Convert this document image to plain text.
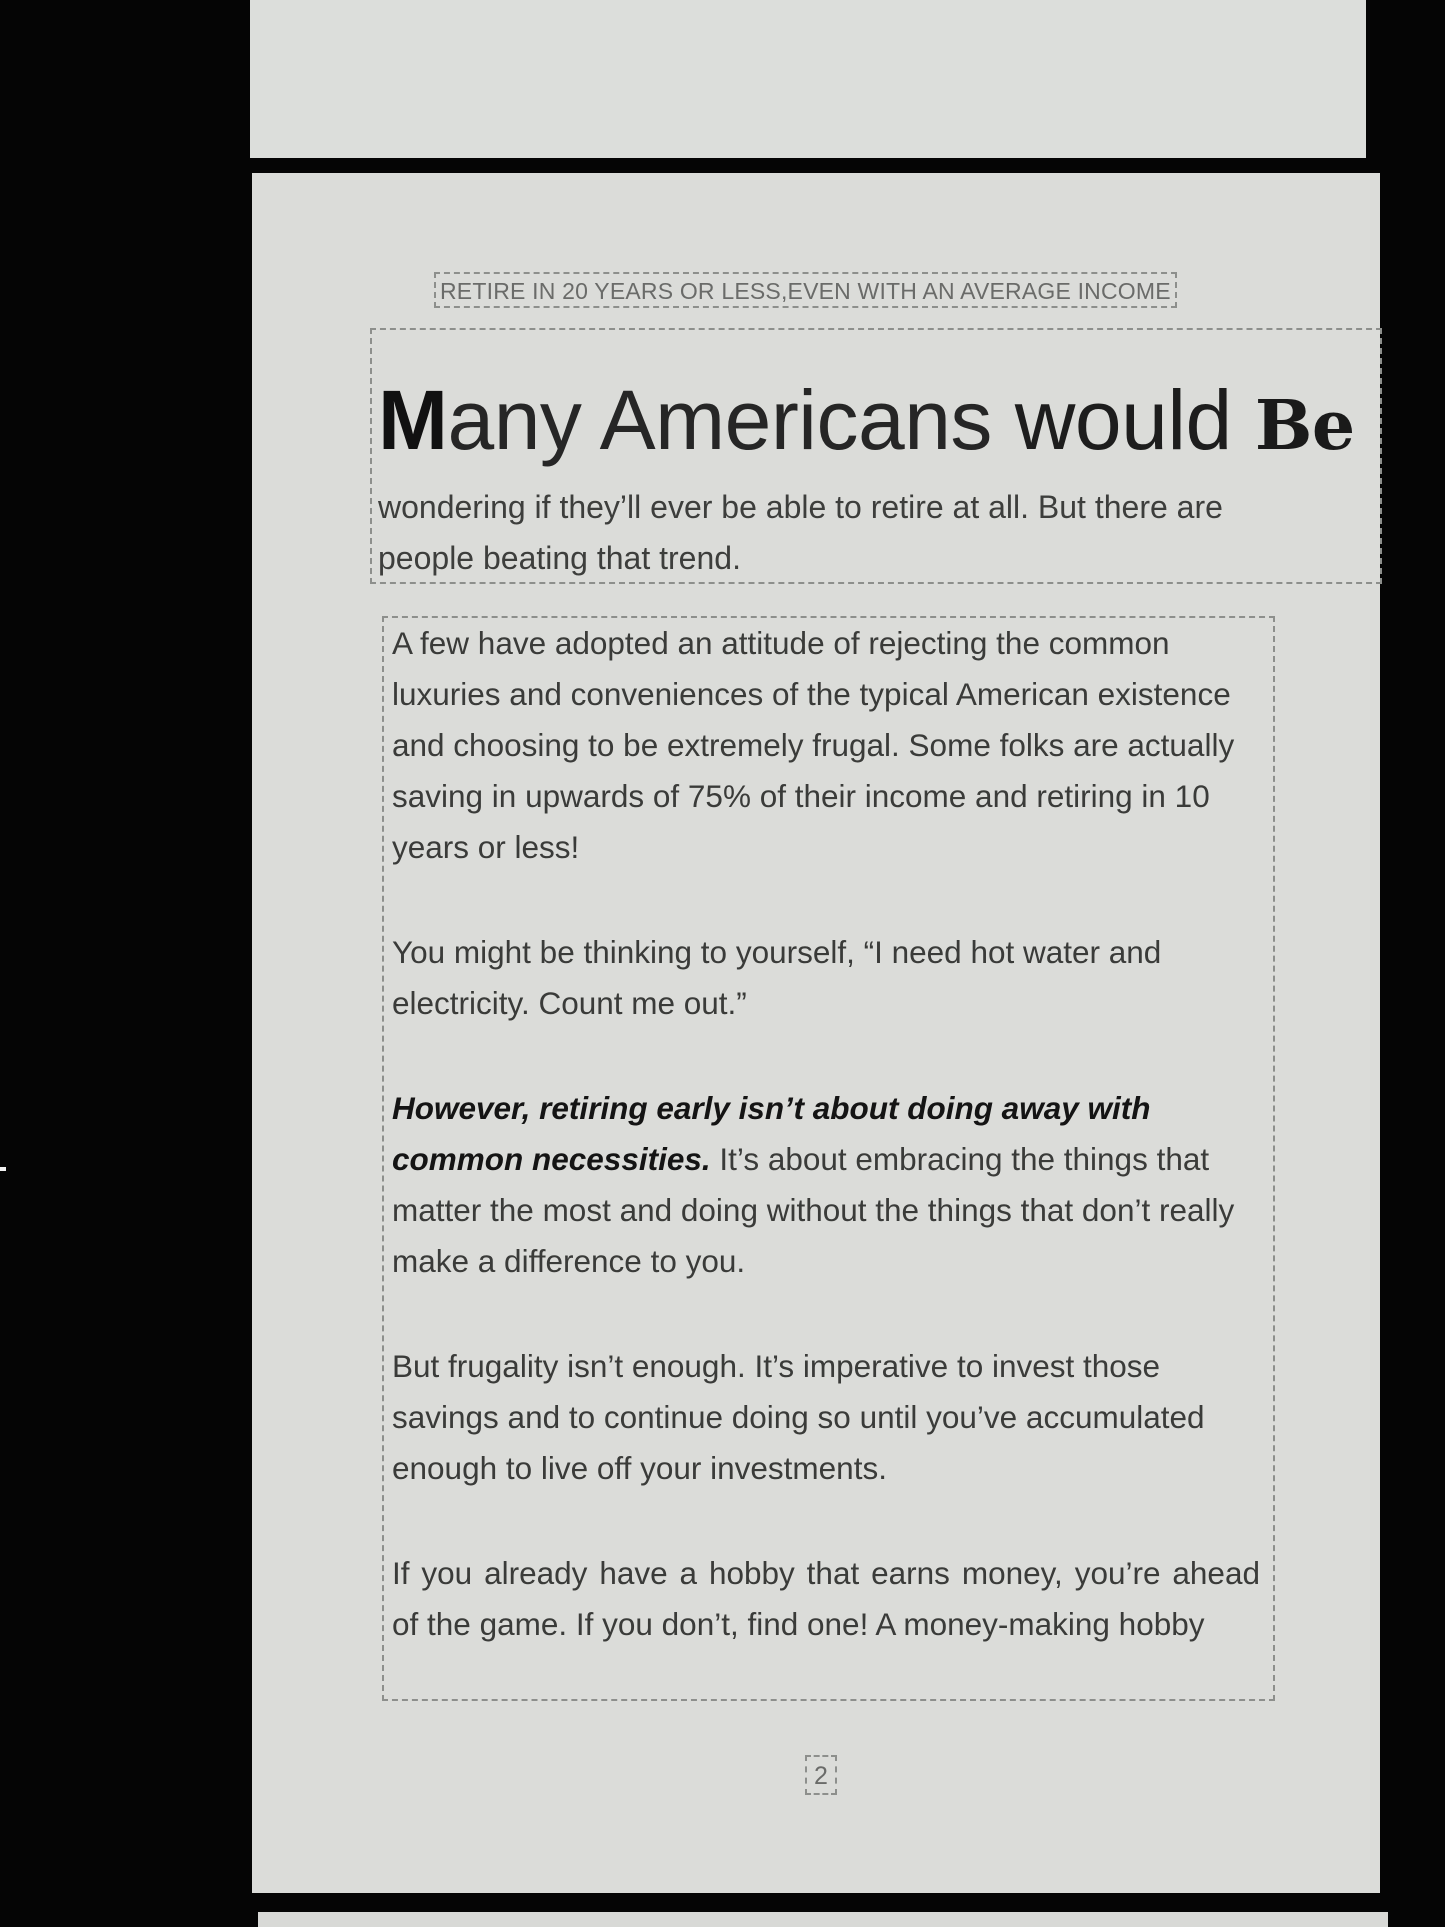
RETIRE IN 20 YEARS OR LESS,EVEN WITH AN AVERAGE INCOME
Many Americans would Be
wondering if they’ll ever be able to retire at all. But there are people beating that trend.

A few have adopted an attitude of rejecting the common luxuries and conveniences of the typical American existence and choosing to be extremely frugal. Some folks are actually saving in upwards of 75% of their income and retiring in 10 years or less!

You might be thinking to yourself, “I need hot water and electricity. Count me out.”

However, retiring early isn’t about doing away with common necessities. It’s about embracing the things that matter the most and doing without the things that don’t really make a difference to you.

But frugality isn’t enough. It’s imperative to invest those savings and to continue doing so until you’ve accumulated enough to live off your investments.

If you already have a hobby that earns money, you’re ahead of the game. If you don’t, find one! A money-making hobby

2
